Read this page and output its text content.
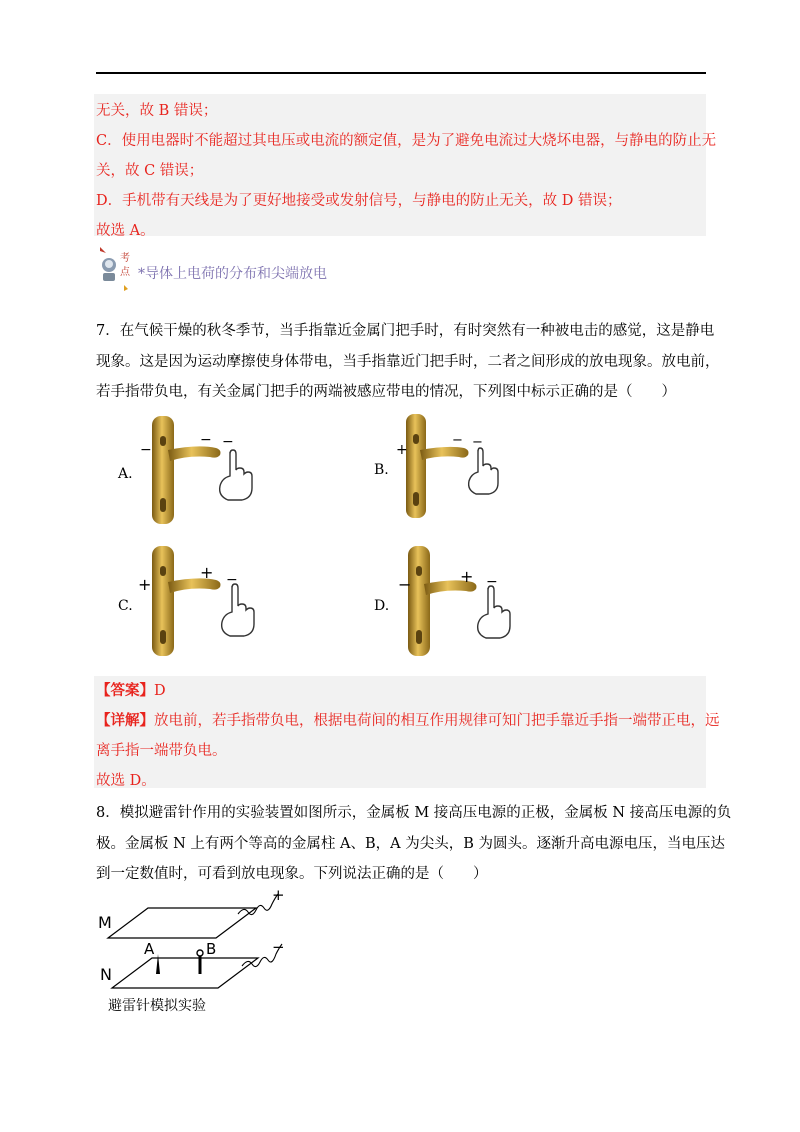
无关，故 B 错误；
C．使用电器时不能超过其电压或电流的额定值，是为了避免电流过大烧坏电器，与静电的防止无
关，故 C 错误；
D．手机带有天线是为了更好地接受或发射信号，与静电的防止无关，故 D 错误；
故选 A。
考
点 *导体上电荷的分布和尖端放电
7．在气候干燥的秋冬季节，当手指靠近金属门把手时，有时突然有一种被电击的感觉，这是静电
现象。这是因为运动摩擦使身体带电，当手指靠近门把手时，二者之间形成的放电现象。放电前，
若手指带负电，有关金属门把手的两端被感应带电的情况，下列图中标示正确的是（　　）
A.
−
− −
B.
+
− −
C.
+
+ −
D.
−	+ −
【答案】D
【详解】放电前，若手指带负电，根据电荷间的相互作用规律可知门把手靠近手指一端带正电，远
离手指一端带负电。
故选 D。
8．模拟避雷针作用的实验装置如图所示，金属板 M 接高压电源的正极，金属板 N 接高压电源的负
极。金属板 N 上有两个等高的金属柱 A、B，A 为尖头，B 为圆头。逐渐升高电源电压，当电压达
到一定数值时，可看到放电现象。下列说法正确的是（　　）
+
M
−
N
A	B
避雷针模拟实验
